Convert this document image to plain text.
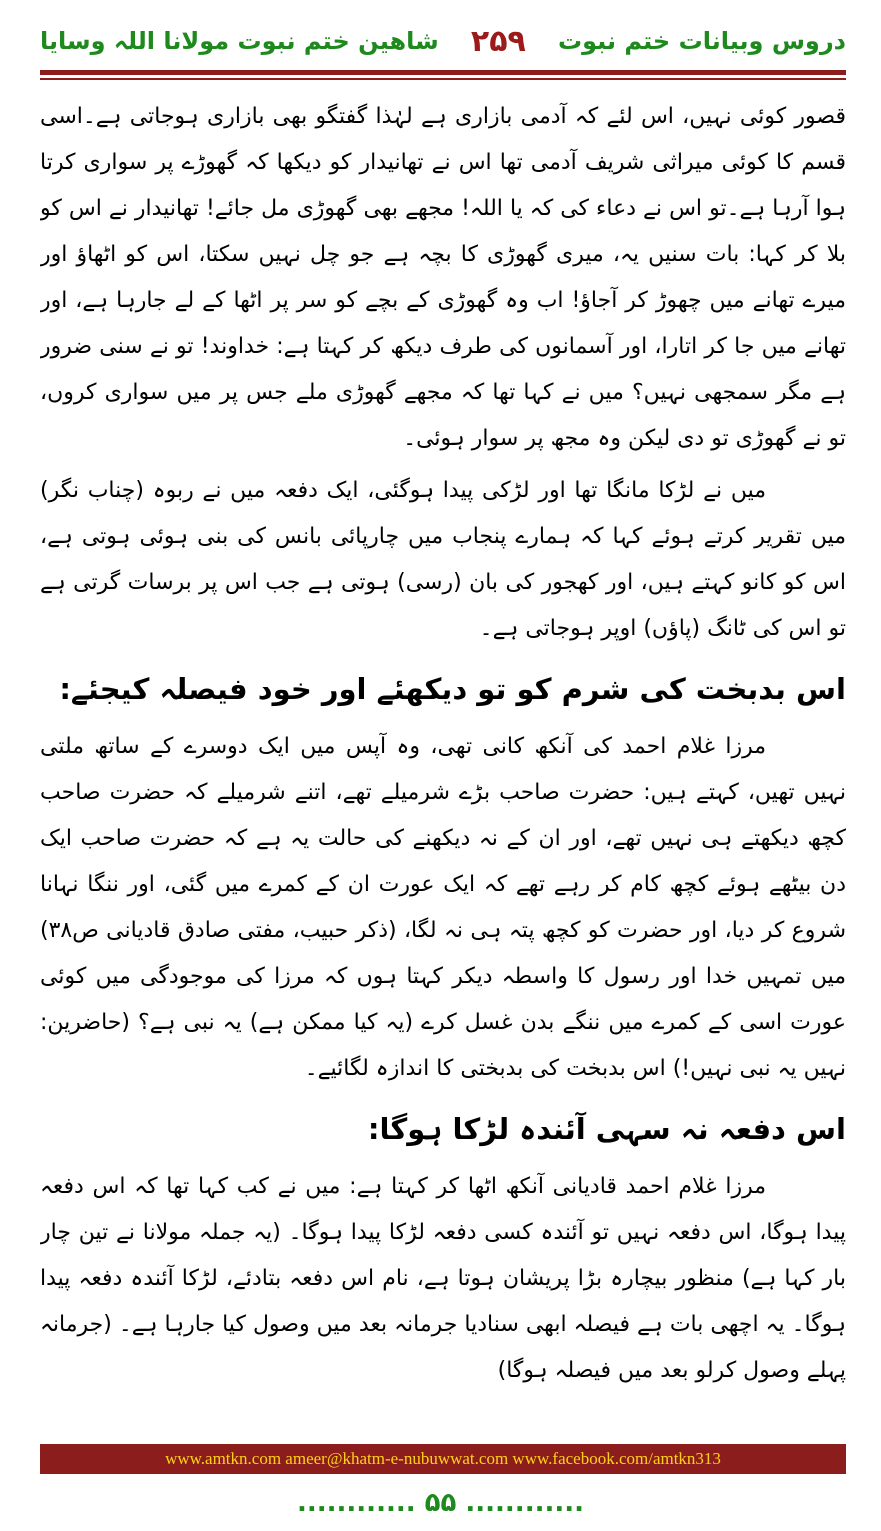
شاھین ختم نبوت مولانا اللہ وسایا ۲۵۹ دروس وبیانات ختم نبوت

قصور کوئی نہیں، اس لئے کہ آدمی بازاری ہے لہٰذا گفتگو بھی بازاری ہوجاتی ہے۔اسی قسم کا کوئی میراثی شریف آدمی تھا اس نے تھانیدار کو دیکھا کہ گھوڑے پر سواری کرتا ہوا آرہا ہے۔تو اس نے دعاء کی کہ یا اللہ! مجھے بھی گھوڑی مل جائے! تھانیدار نے اس کو بلا کر کہا: بات سنیں یہ، میری گھوڑی کا بچہ ہے جو چل نہیں سکتا، اس کو اٹھاؤ اور میرے تھانے میں چھوڑ کر آجاؤ! اب وہ گھوڑی کے بچے کو سر پر اٹھا کے لے جارہا ہے، اور تھانے میں جا کر اتارا، اور آسمانوں کی طرف دیکھ کر کہتا ہے: خداوند! تو نے سنی ضرور ہے مگر سمجھی نہیں؟ میں نے کہا تھا کہ مجھے گھوڑی ملے جس پر میں سواری کروں، تو نے گھوڑی تو دی لیکن وہ مجھ پر سوار ہوئی۔

میں نے لڑکا مانگا تھا اور لڑکی پیدا ہوگئی، ایک دفعہ میں نے ربوہ (چناب نگر) میں تقریر کرتے ہوئے کہا کہ ہمارے پنجاب میں چارپائی بانس کی بنی ہوئی ہوتی ہے، اس کو کانو کہتے ہیں، اور کھجور کی بان (رسی) ہوتی ہے جب اس پر برسات گرتی ہے تو اس کی ٹانگ (پاؤں) اوپر ہوجاتی ہے۔

اس بدبخت کی شرم کو تو دیکھئے اور خود فیصلہ کیجئے:

مرزا غلام احمد کی آنکھ کانی تھی، وہ آپس میں ایک دوسرے کے ساتھ ملتی نہیں تھیں، کہتے ہیں: حضرت صاحب بڑے شرمیلے تھے، اتنے شرمیلے کہ حضرت صاحب کچھ دیکھتے ہی نہیں تھے، اور ان کے نہ دیکھنے کی حالت یہ ہے کہ حضرت صاحب ایک دن بیٹھے ہوئے کچھ کام کر رہے تھے کہ ایک عورت ان کے کمرے میں گئی، اور ننگا نہانا شروع کر دیا، اور حضرت کو کچھ پتہ ہی نہ لگا، (ذکر حبیب، مفتی صادق قادیانی ص۳۸) میں تمہیں خدا اور رسول کا واسطہ دیکر کہتا ہوں کہ مرزا کی موجودگی میں کوئی عورت اسی کے کمرے میں ننگے بدن غسل کرے (یہ کیا ممکن ہے) یہ نبی ہے؟ (حاضرین: نہیں یہ نبی نہیں!) اس بدبخت کی بدبختی کا اندازہ لگائیے۔

اس دفعہ نہ سہی آئندہ لڑکا ہوگا:

مرزا غلام احمد قادیانی آنکھ اٹھا کر کہتا ہے: میں نے کب کہا تھا کہ اس دفعہ پیدا ہوگا، اس دفعہ نہیں تو آئندہ کسی دفعہ لڑکا پیدا ہوگا۔ (یہ جملہ مولانا نے تین چار بار کہا ہے) منظور بیچارہ بڑا پریشان ہوتا ہے، نام اس دفعہ بتادئے، لڑکا آئندہ دفعہ پیدا ہوگا۔ یہ اچھی بات ہے فیصلہ ابھی سنادیا جرمانہ بعد میں وصول کیا جارہا ہے۔ (جرمانہ پہلے وصول کرلو بعد میں فیصلہ ہوگا)

www.amtkn.com ameer@khatm-e-nubuwwat.com www.facebook.com/amtkn313
............ ۵۵ ............
